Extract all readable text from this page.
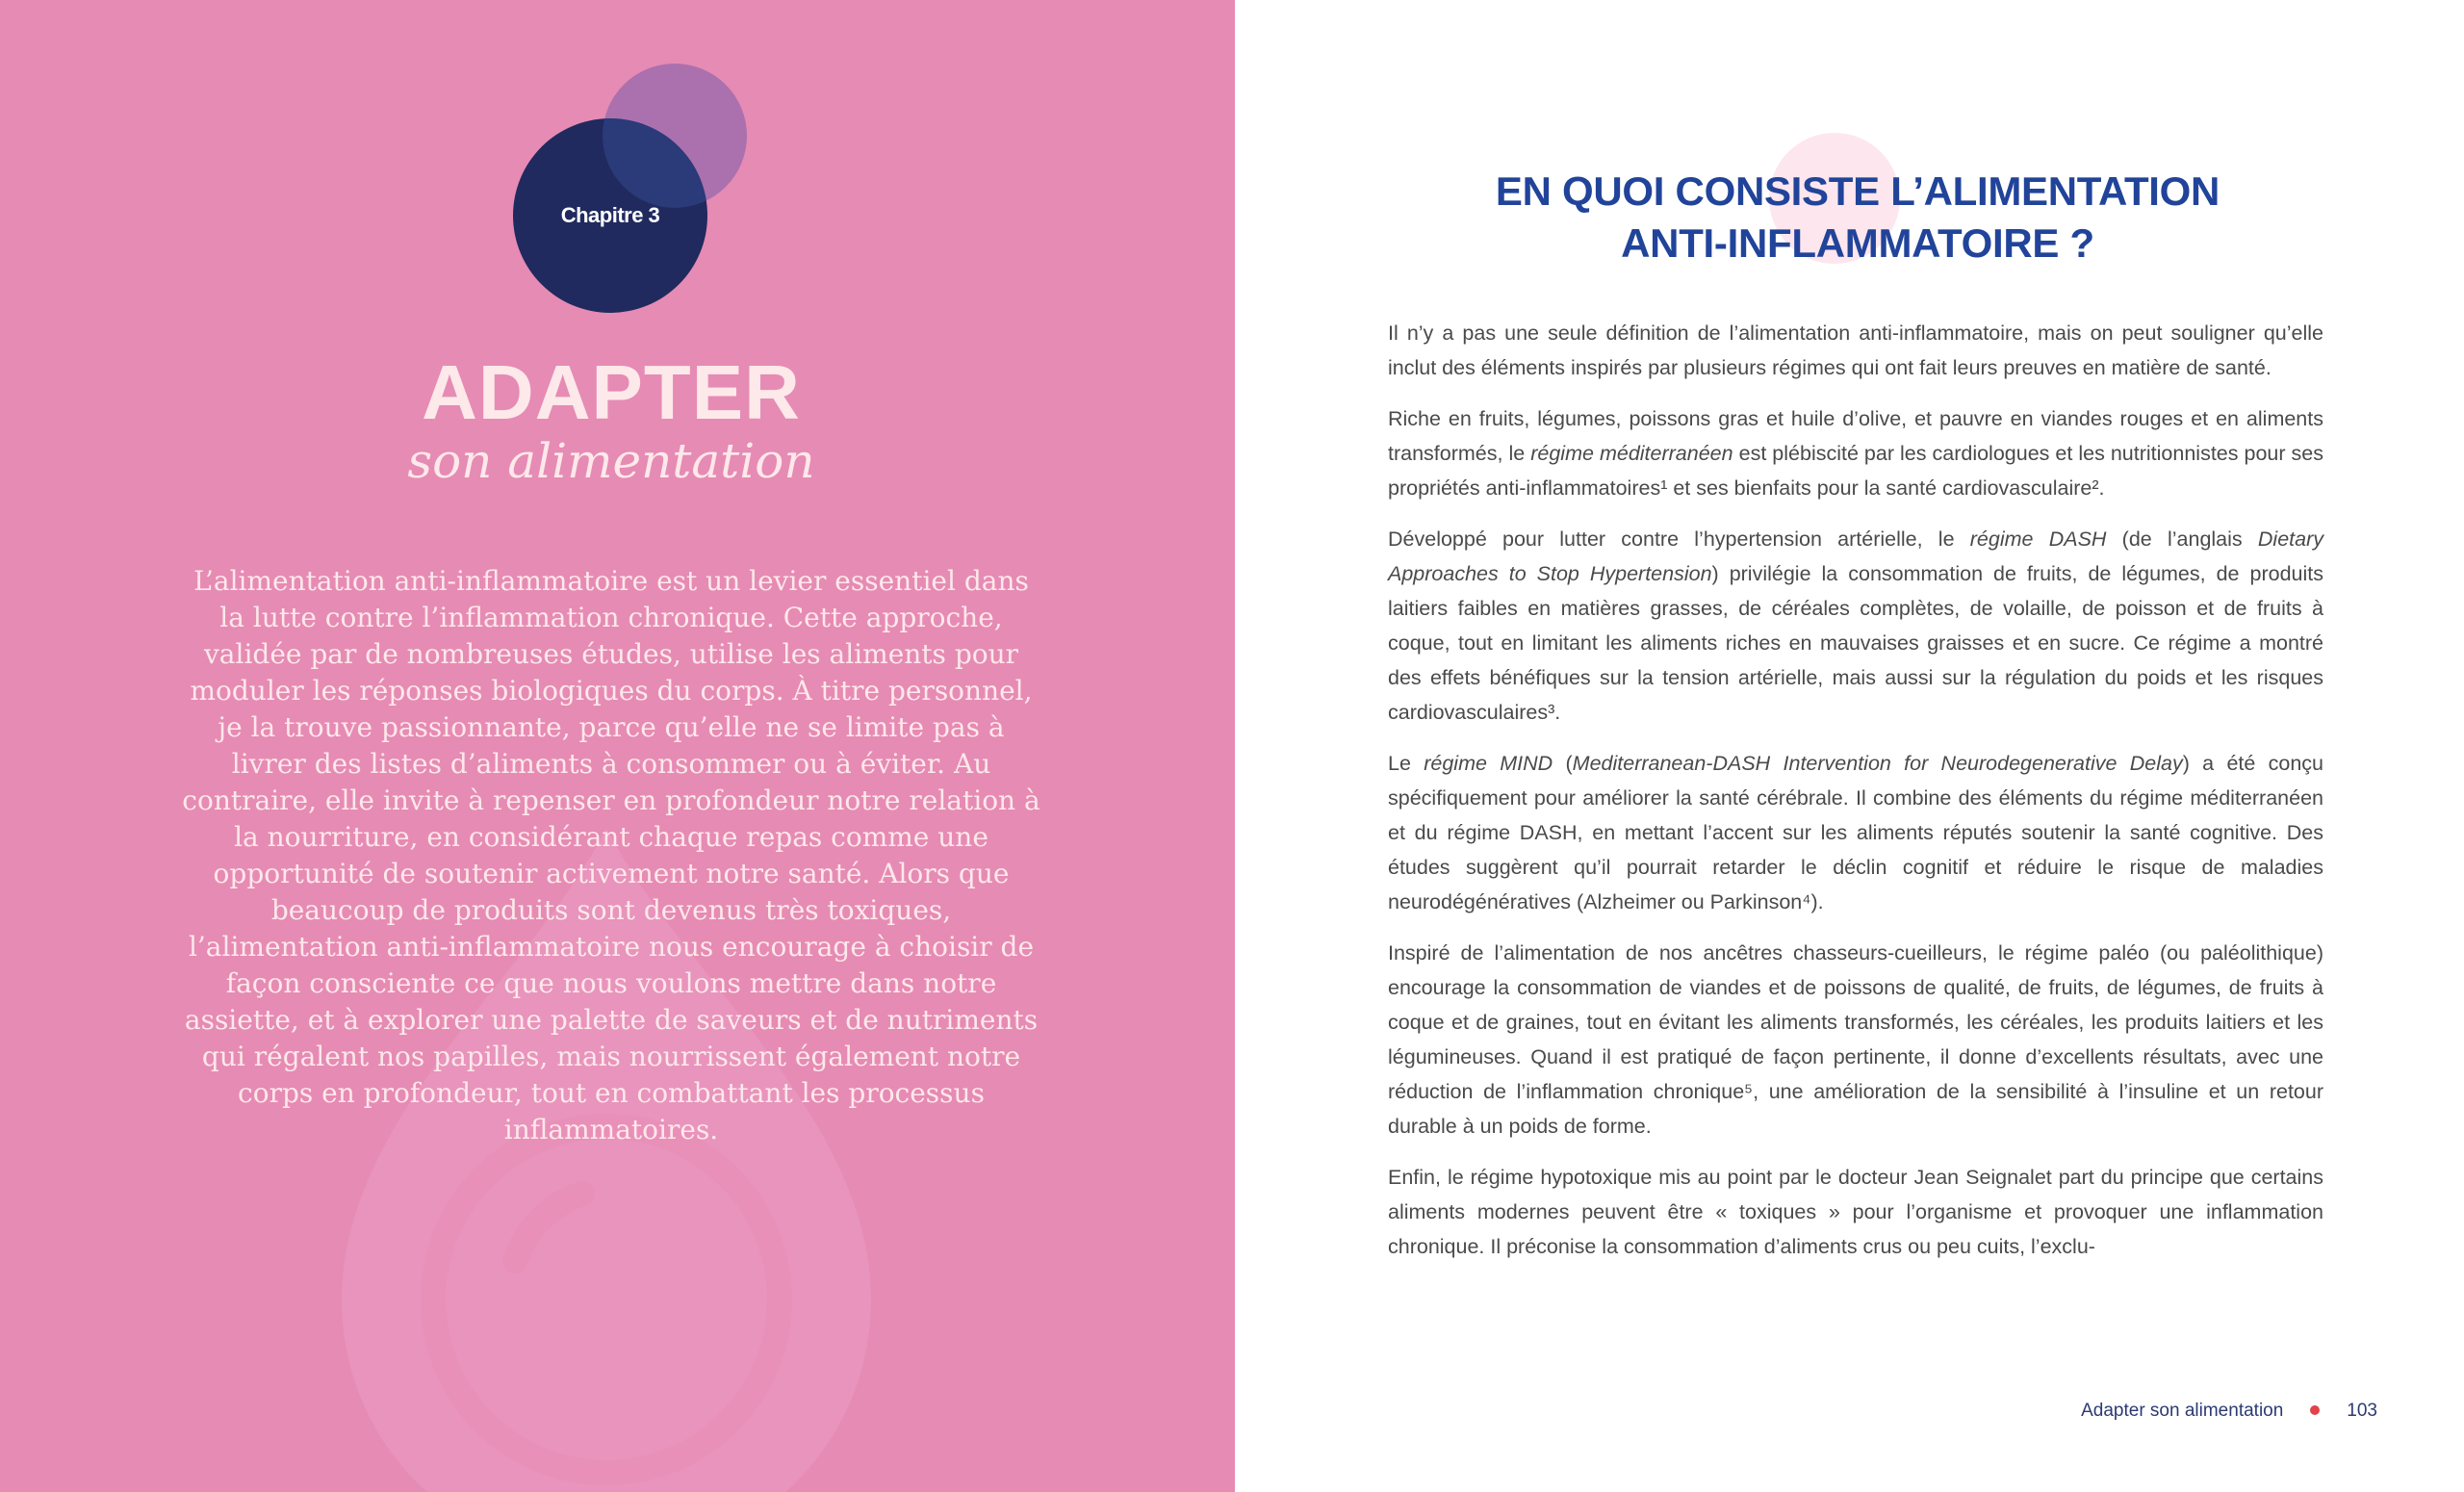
Chapitre 3
ADAPTER
son alimentation
L’alimentation anti-inflammatoire est un levier essentiel dans la lutte contre l’inflammation chronique. Cette approche, validée par de nombreuses études, utilise les aliments pour moduler les réponses biologiques du corps. À titre personnel, je la trouve passionnante, parce qu’elle ne se limite pas à livrer des listes d’aliments à consommer ou à éviter. Au contraire, elle invite à repenser en profondeur notre relation à la nourriture, en considérant chaque repas comme une opportunité de soutenir activement notre santé. Alors que beaucoup de produits sont devenus très toxiques, l’alimentation anti-inflammatoire nous encourage à choisir de façon consciente ce que nous voulons mettre dans notre assiette, et à explorer une palette de saveurs et de nutriments qui régalent nos papilles, mais nourrissent également notre corps en profondeur, tout en combattant les processus inflammatoires.
EN QUOI CONSISTE L’ALIMENTATION
ANTI-INFLAMMATOIRE ?

Il n’y a pas une seule définition de l’alimentation anti-inflammatoire, mais on peut souligner qu’elle inclut des éléments inspirés par plusieurs régimes qui ont fait leurs preuves en matière de santé.

Riche en fruits, légumes, poissons gras et huile d’olive, et pauvre en viandes rouges et en aliments transformés, le régime méditerranéen est plébiscité par les cardiologues et les nutritionnistes pour ses propriétés anti-inflammatoires¹ et ses bienfaits pour la santé cardiovasculaire².

Développé pour lutter contre l’hypertension artérielle, le régime DASH (de l’anglais Dietary Approaches to Stop Hypertension) privilégie la consommation de fruits, de légumes, de produits laitiers faibles en matières grasses, de céréales complètes, de volaille, de poisson et de fruits à coque, tout en limitant les aliments riches en mauvaises graisses et en sucre. Ce régime a montré des effets bénéfiques sur la tension artérielle, mais aussi sur la régulation du poids et les risques cardiovasculaires³.

Le régime MIND (Mediterranean-DASH Intervention for Neurodegenerative Delay) a été conçu spécifiquement pour améliorer la santé cérébrale. Il combine des éléments du régime méditerranéen et du régime DASH, en mettant l’accent sur les aliments réputés soutenir la santé cognitive. Des études suggèrent qu’il pourrait retarder le déclin cognitif et réduire le risque de maladies neurodégénératives (Alzheimer ou Parkinson⁴).

Inspiré de l’alimentation de nos ancêtres chasseurs-cueilleurs, le régime paléo (ou paléolithique) encourage la consommation de viandes et de poissons de qualité, de fruits, de légumes, de fruits à coque et de graines, tout en évitant les aliments transformés, les céréales, les produits laitiers et les légumineuses. Quand il est pratiqué de façon pertinente, il donne d’excellents résultats, avec une réduction de l’inflammation chronique⁵, une amélioration de la sensibilité à l’insuline et un retour durable à un poids de forme.

Enfin, le régime hypotoxique mis au point par le docteur Jean Seignalet part du principe que certains aliments modernes peuvent être « toxiques » pour l’organisme et provoquer une inflammation chronique. Il préconise la consommation d’aliments crus ou peu cuits, l’exclu-

Adapter son alimentation	103
